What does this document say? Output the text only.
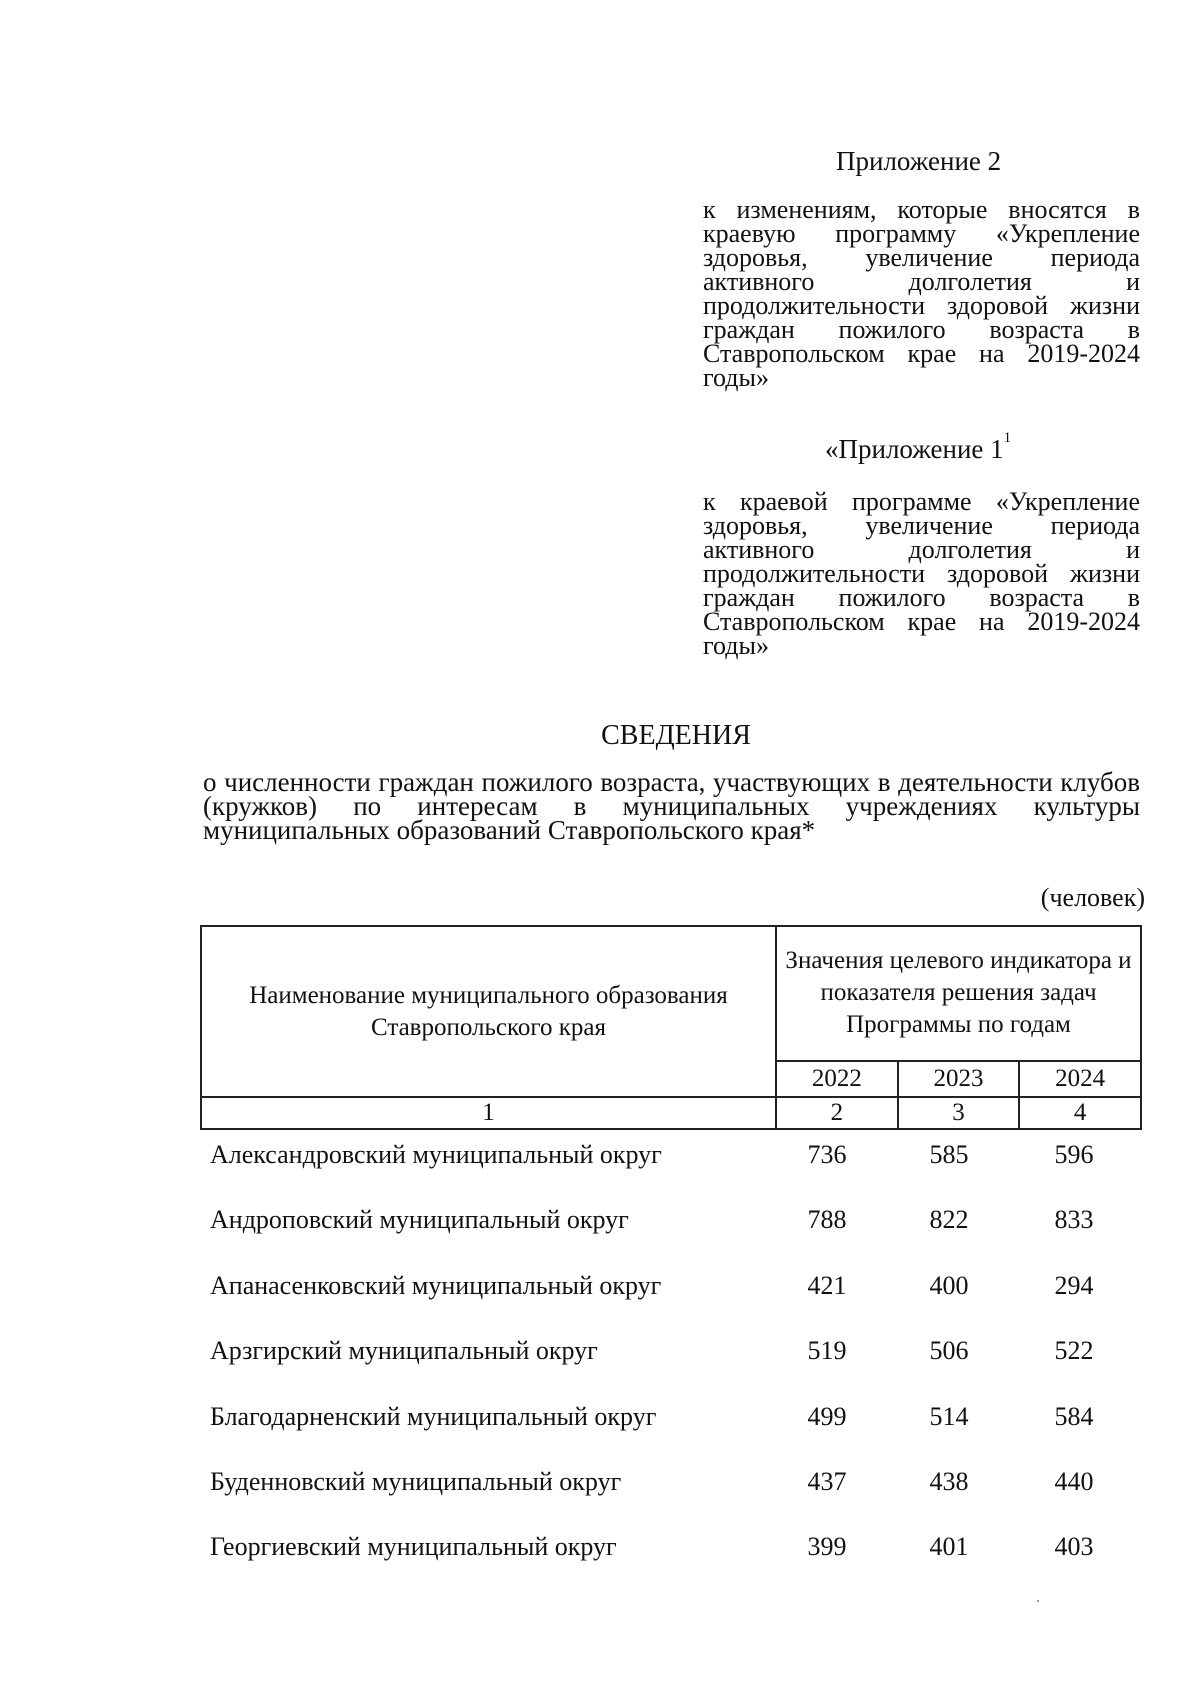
Приложение 2
к изменениям, которые вносятся в краевую программу «Укрепление здоровья, увеличение периода активного долголетия и продолжительности здоровой жизни граждан пожилого возраста в Ставропольском крае на 2019-2024 годы»
«Приложение $1^1$
к краевой программе «Укрепление здоровья, увеличение периода активного долголетия и продолжительности здоровой жизни граждан пожилого возраста в Ставропольском крае на 2019-2024 годы»
СВЕДЕНИЯ
о численности граждан пожилого возраста, участвующих в деятельности клубов (кружков) по интересам в муниципальных учреждениях культуры муниципальных образований Ставропольского края*
(человек)
Наименование муниципального образования Ставропольского края	Значения целевого индикатора и показателя решения задач Программы по годам		
	2022	2023	2024
1	2	3	4
Александровский муниципальный округ	736	585	596
Андроповский муниципальный округ	788	822	833
Апанасенковский муниципальный округ	421	400	294
Арзгирский муниципальный округ	519	506	522
Благодарненский муниципальный округ	499	514	584
Буденновский муниципальный округ	437	438	440
Георгиевский муниципальный округ	399	401	403
